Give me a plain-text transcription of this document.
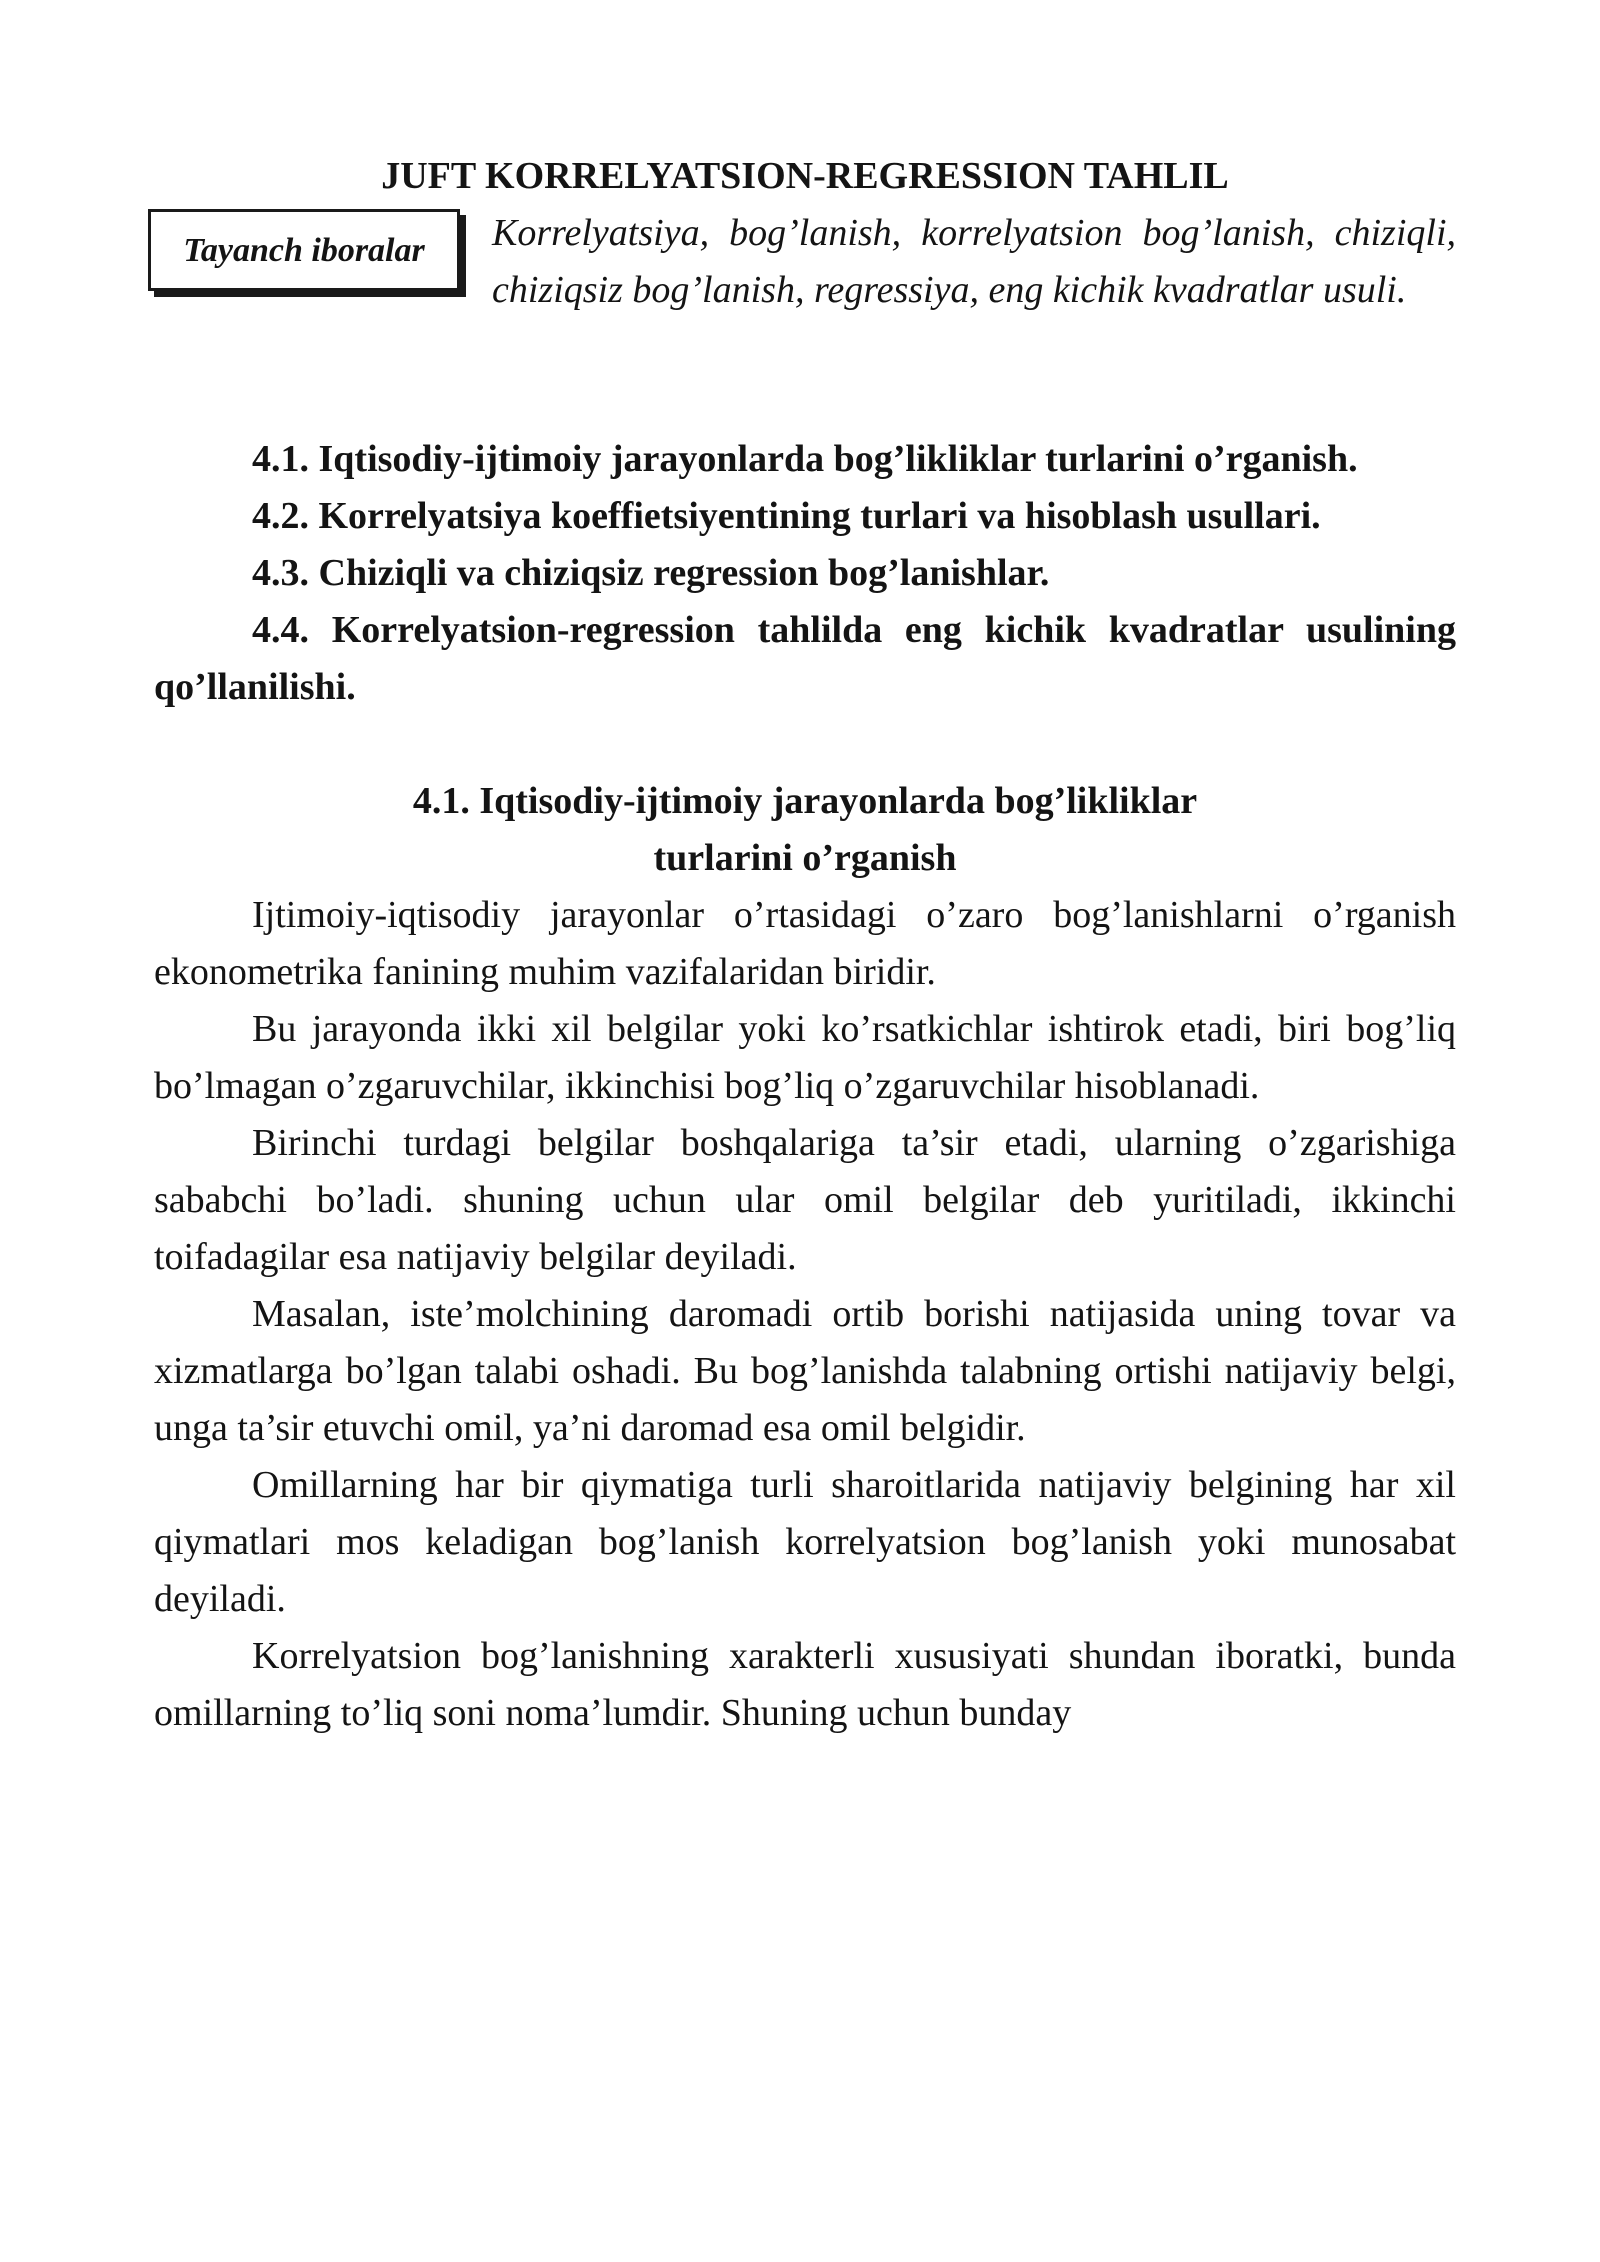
JUFT KORRELYATSION-REGRESSION TAHLIL
Tayanch iboralar Korrelyatsiya, bog’lanish, korrelyatsion bog’lanish, chiziqli, chiziqsiz bog’lanish, regressiya, eng kichik kvadratlar usuli.

4.1. Iqtisodiy-ijtimoiy jarayonlarda bog’likliklar turlarini o’rganish.

4.2. Korrelyatsiya koeffietsiyentining turlari va hisoblash usullari.

4.3. Chiziqli va chiziqsiz regression bog’lanishlar.

4.4. Korrelyatsion-regression tahlilda eng kichik kvadratlar usulining qo’llanilishi.

4.1. Iqtisodiy-ijtimoiy jarayonlarda bog’likliklar
turlarini o’rganish

Ijtimoiy-iqtisodiy jarayonlar o’rtasidagi o’zaro bog’lanishlarni o’rganish ekonometrika fanining muhim vazifalaridan biridir.

Bu jarayonda ikki xil belgilar yoki ko’rsatkichlar ishtirok etadi, biri bog’liq bo’lmagan o’zgaruvchilar, ikkinchisi bog’liq o’zgaruvchilar hisoblanadi.

Birinchi turdagi belgilar boshqalariga ta’sir etadi, ularning o’zgarishiga sababchi bo’ladi. shuning uchun ular omil belgilar deb yuritiladi, ikkinchi toifadagilar esa natijaviy belgilar deyiladi.

Masalan, iste’molchining daromadi ortib borishi natijasida uning tovar va xizmatlarga bo’lgan talabi oshadi. Bu bog’lanishda talabning ortishi natijaviy belgi, unga ta’sir etuvchi omil, ya’ni daromad esa omil belgidir.

Omillarning har bir qiymatiga turli sharoitlarida natijaviy belgining har xil qiymatlari mos keladigan bog’lanish korrelyatsion bog’lanish yoki munosabat deyiladi.

Korrelyatsion bog’lanishning xarakterli xususiyati shundan iboratki, bunda omillarning to’liq soni noma’lumdir. Shuning uchun bunday
